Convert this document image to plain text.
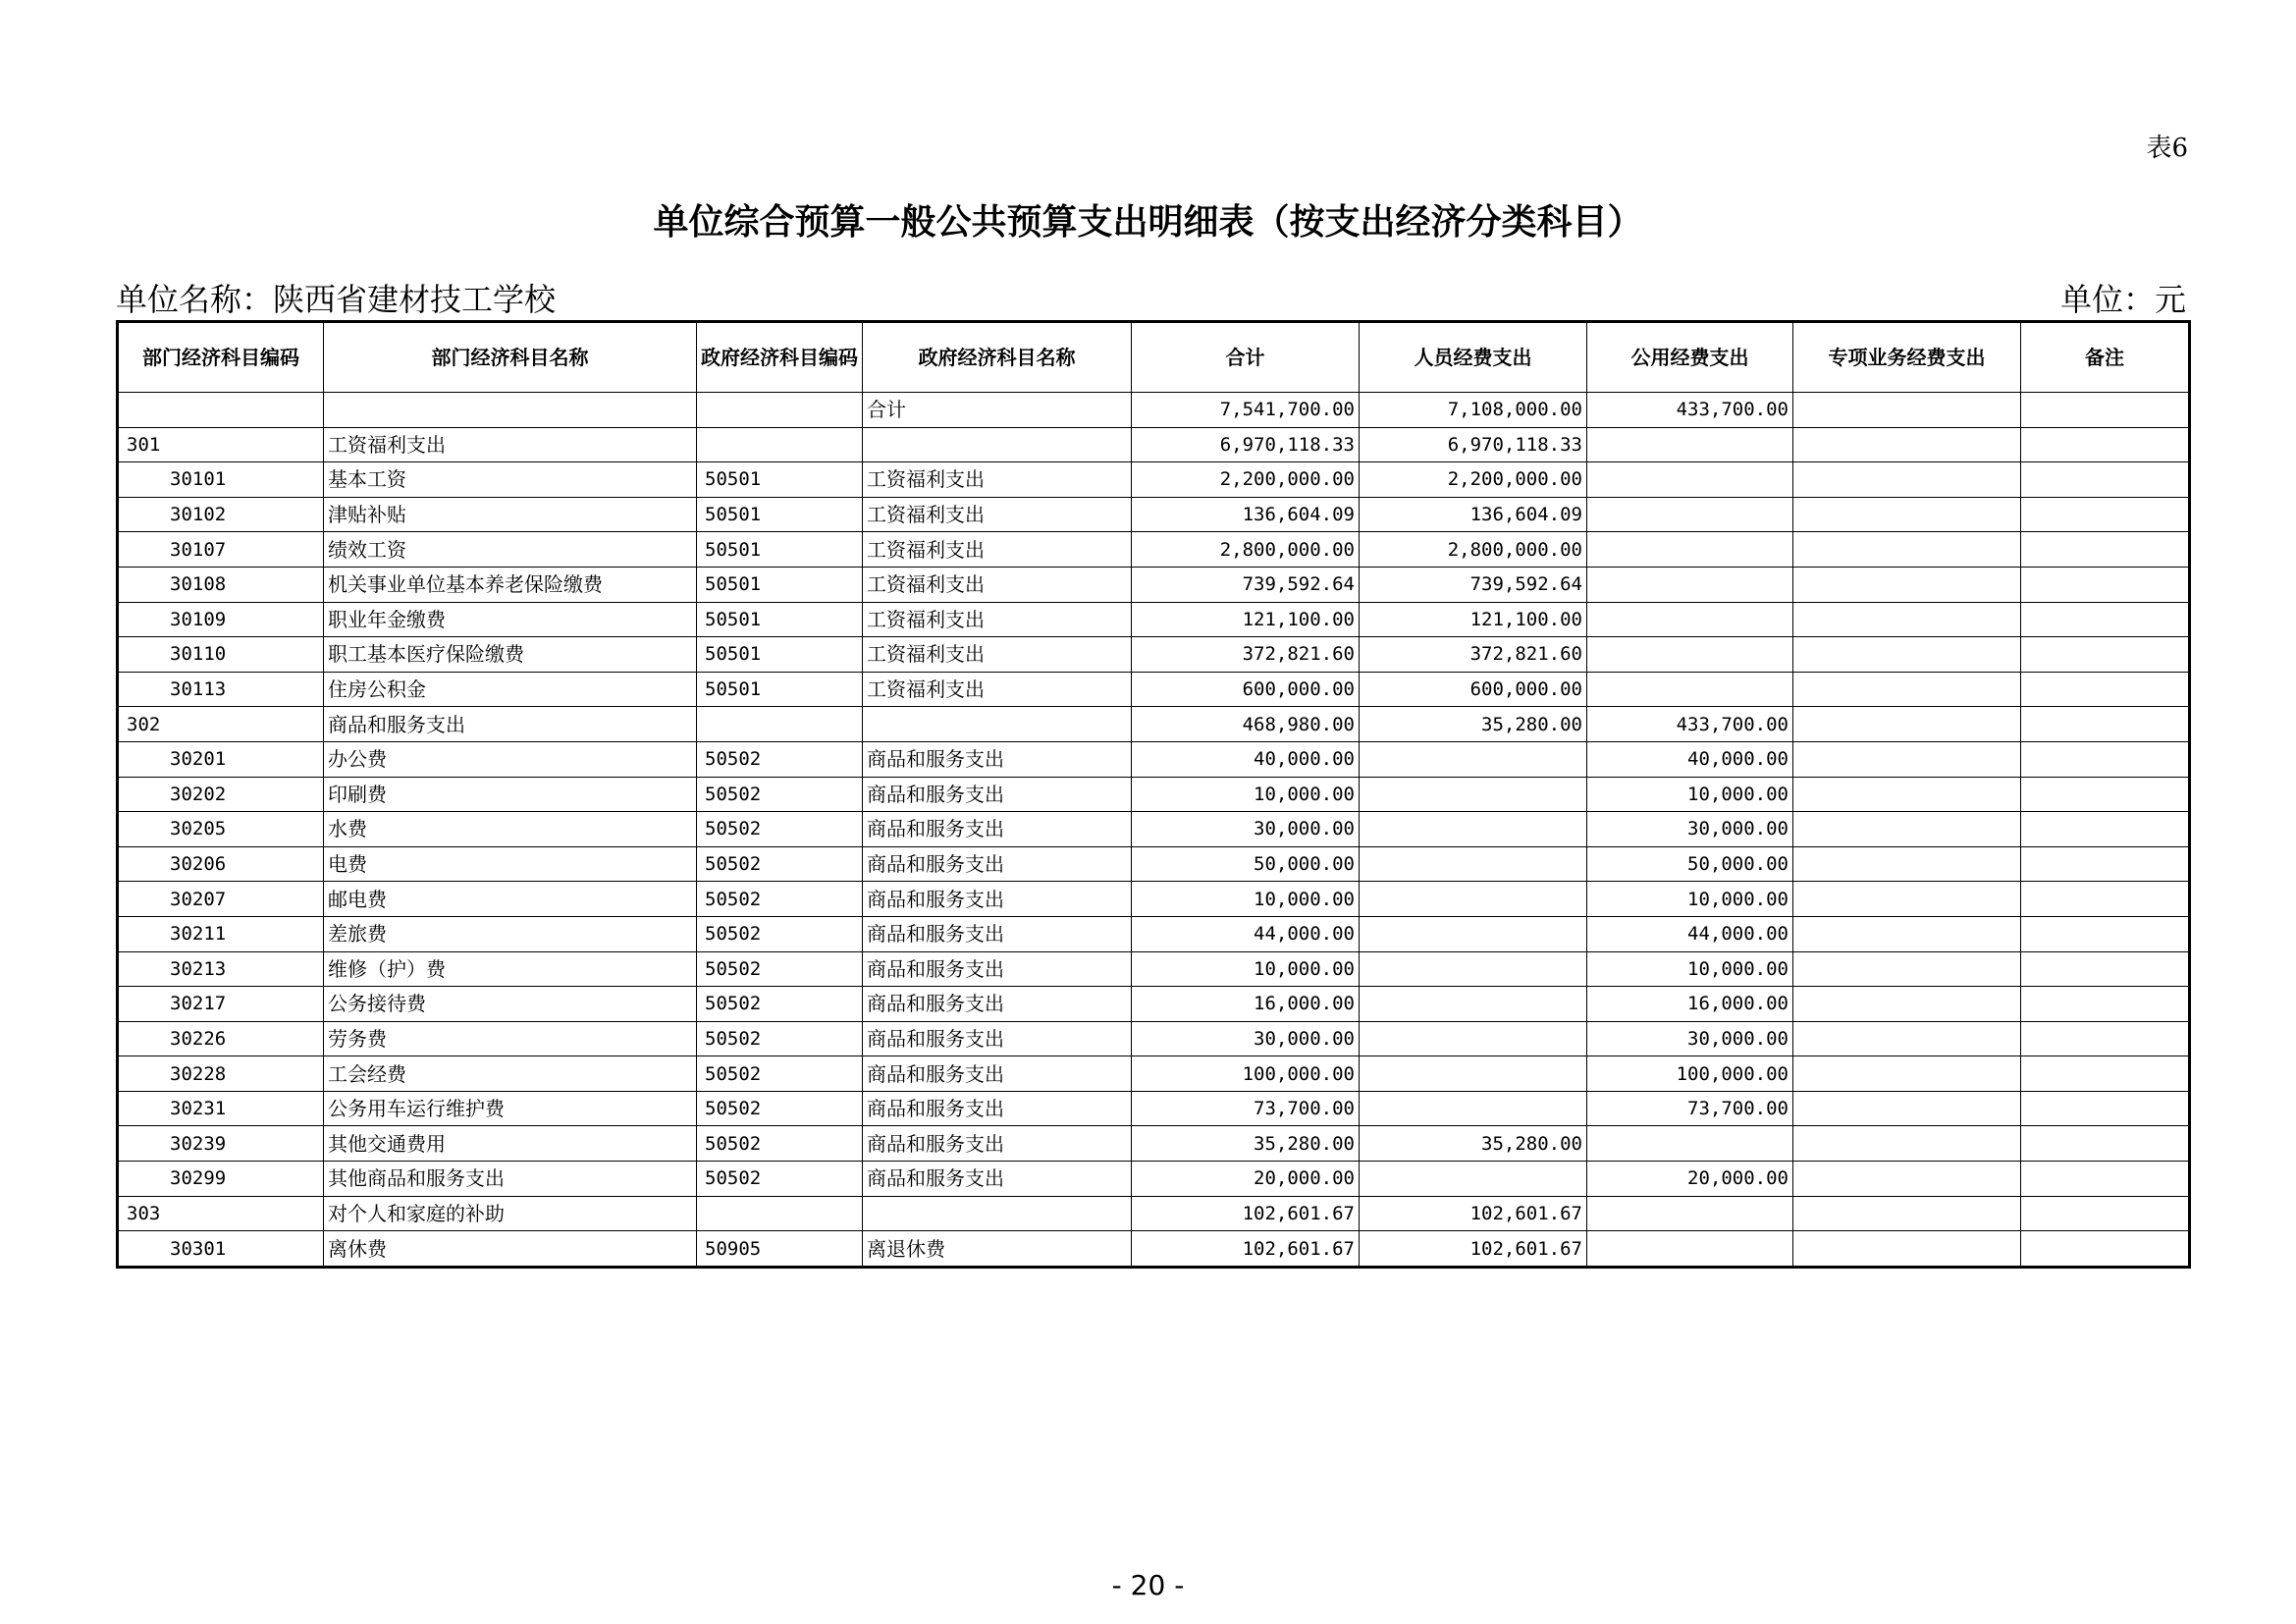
表6
单位综合预算一般公共预算支出明细表（按支出经济分类科目）
单位名称：陕西省建材技工学校	单位：元
部门经济科目编码	部门经济科目名称	政府经济科目编码	政府经济科目名称	合计	人员经费支出	公用经费支出	专项业务经费支出	备注
			合计	7,541,700.00	7,108,000.00	433,700.00		
301	工资福利支出			6,970,118.33	6,970,118.33			
30101	基本工资	50501	工资福利支出	2,200,000.00	2,200,000.00			
30102	津贴补贴	50501	工资福利支出	136,604.09	136,604.09			
30107	绩效工资	50501	工资福利支出	2,800,000.00	2,800,000.00			
30108	机关事业单位基本养老保险缴费	50501	工资福利支出	739,592.64	739,592.64			
30109	职业年金缴费	50501	工资福利支出	121,100.00	121,100.00			
30110	职工基本医疗保险缴费	50501	工资福利支出	372,821.60	372,821.60			
30113	住房公积金	50501	工资福利支出	600,000.00	600,000.00			
302	商品和服务支出			468,980.00	35,280.00	433,700.00		
30201	办公费	50502	商品和服务支出	40,000.00		40,000.00		
30202	印刷费	50502	商品和服务支出	10,000.00		10,000.00		
30205	水费	50502	商品和服务支出	30,000.00		30,000.00		
30206	电费	50502	商品和服务支出	50,000.00		50,000.00		
30207	邮电费	50502	商品和服务支出	10,000.00		10,000.00		
30211	差旅费	50502	商品和服务支出	44,000.00		44,000.00		
30213	维修（护）费	50502	商品和服务支出	10,000.00		10,000.00		
30217	公务接待费	50502	商品和服务支出	16,000.00		16,000.00		
30226	劳务费	50502	商品和服务支出	30,000.00		30,000.00		
30228	工会经费	50502	商品和服务支出	100,000.00		100,000.00		
30231	公务用车运行维护费	50502	商品和服务支出	73,700.00		73,700.00		
30239	其他交通费用	50502	商品和服务支出	35,280.00	35,280.00			
30299	其他商品和服务支出	50502	商品和服务支出	20,000.00		20,000.00		
303	对个人和家庭的补助			102,601.67	102,601.67			
30301	离休费	50905	离退休费	102,601.67	102,601.67			
- 20 -
